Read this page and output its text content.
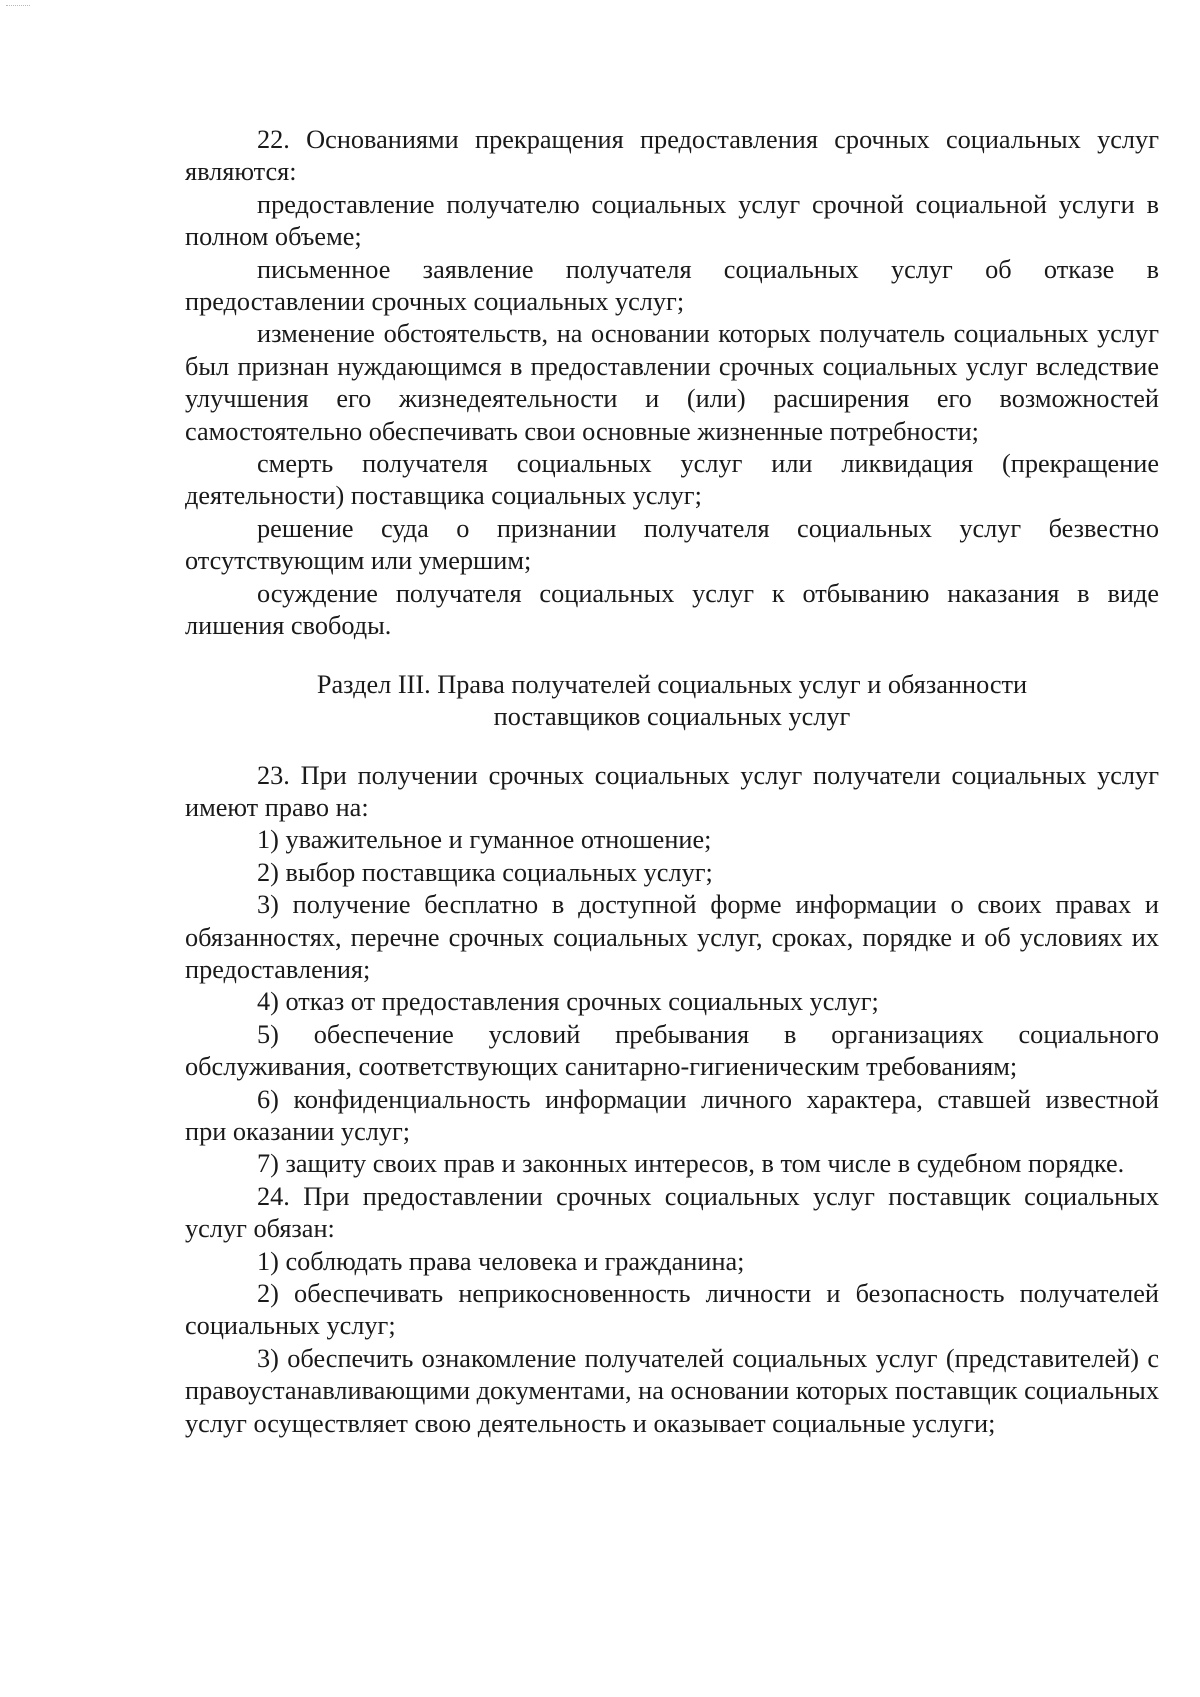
22. Основаниями прекращения предоставления срочных социальных услуг являются:

предоставление получателю социальных услуг срочной социальной услуги в полном объеме;

письменное заявление получателя социальных услуг об отказе в предоставлении срочных социальных услуг;

изменение обстоятельств, на основании которых получатель социальных услуг был признан нуждающимся в предоставлении срочных социальных услуг вследствие улучшения его жизнедеятельности и (или) расширения его возможностей самостоятельно обеспечивать свои основные жизненные потребности;

смерть получателя социальных услуг или ликвидация (прекращение деятельности) поставщика социальных услуг;

решение суда о признании получателя социальных услуг безвестно отсутствующим или умершим;

осуждение получателя социальных услуг к отбыванию наказания в виде лишения свободы.

Раздел III. Права получателей социальных услуг и обязанности
поставщиков социальных услуг

23. При получении срочных социальных услуг получатели социальных услуг имеют право на:

1) уважительное и гуманное отношение;

2) выбор поставщика социальных услуг;

3) получение бесплатно в доступной форме информации о своих правах и обязанностях, перечне срочных социальных услуг, сроках, порядке и об условиях их предоставления;

4) отказ от предоставления срочных социальных услуг;

5) обеспечение условий пребывания в организациях социального обслуживания, соответствующих санитарно-гигиеническим требованиям;

6) конфиденциальность информации личного характера, ставшей известной при оказании услуг;

7) защиту своих прав и законных интересов, в том числе в судебном порядке.

24. При предоставлении срочных социальных услуг поставщик социальных услуг обязан:

1) соблюдать права человека и гражданина;

2) обеспечивать неприкосновенность личности и безопасность получателей социальных услуг;

3) обеспечить ознакомление получателей социальных услуг (представителей) с правоустанавливающими документами, на основании которых поставщик социальных услуг осуществляет свою деятельность и оказывает социальные услуги;
